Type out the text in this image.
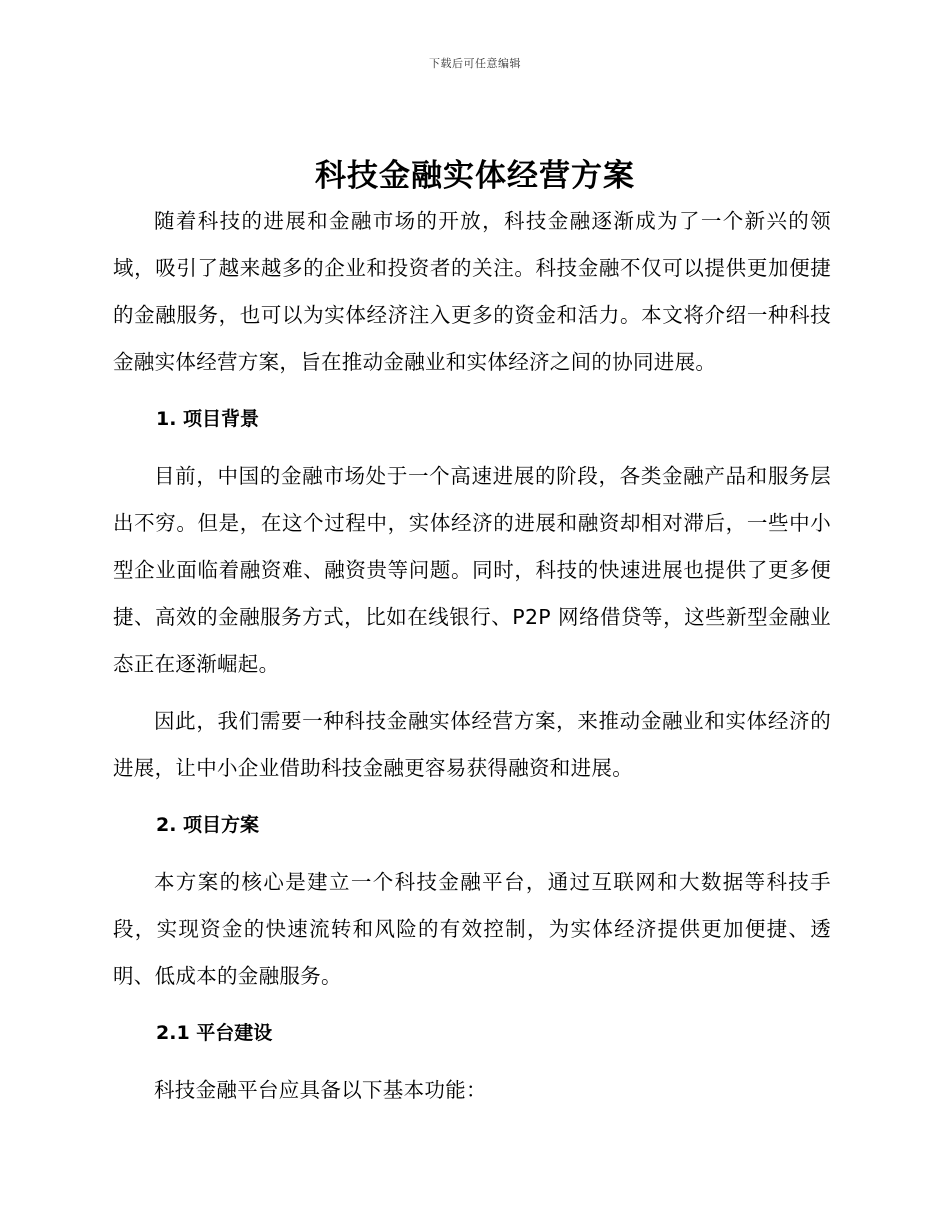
下载后可任意编辑
科技金融实体经营方案

随着科技的进展和金融市场的开放，科技金融逐渐成为了一个新兴的领域，吸引了越来越多的企业和投资者的关注。科技金融不仅可以提供更加便捷的金融服务，也可以为实体经济注入更多的资金和活力。本文将介绍一种科技金融实体经营方案，旨在推动金融业和实体经济之间的协同进展。

1. 项目背景

目前，中国的金融市场处于一个高速进展的阶段，各类金融产品和服务层出不穷。但是，在这个过程中，实体经济的进展和融资却相对滞后，一些中小型企业面临着融资难、融资贵等问题。同时，科技的快速进展也提供了更多便捷、高效的金融服务方式，比如在线银行、P2P 网络借贷等，这些新型金融业态正在逐渐崛起。

因此，我们需要一种科技金融实体经营方案，来推动金融业和实体经济的进展，让中小企业借助科技金融更容易获得融资和进展。

2. 项目方案

本方案的核心是建立一个科技金融平台，通过互联网和大数据等科技手段，实现资金的快速流转和风险的有效控制，为实体经济提供更加便捷、透明、低成本的金融服务。

2.1 平台建设

科技金融平台应具备以下基本功能：
